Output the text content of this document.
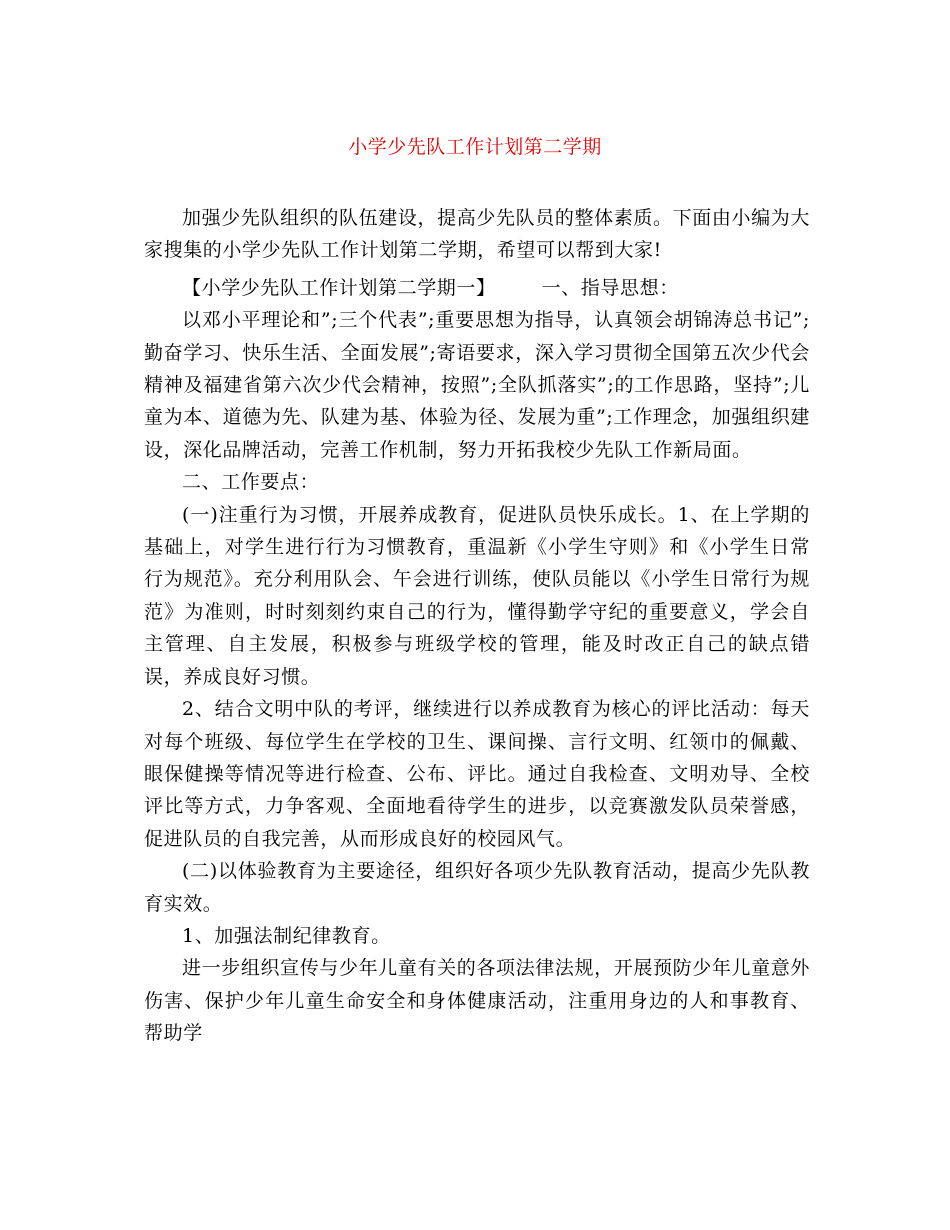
小学少先队工作计划第二学期

加强少先队组织的队伍建设，提高少先队员的整体素质。下面由小编为大家搜集的小学少先队工作计划第二学期，希望可以帮到大家!

【小学少先队工作计划第二学期一】 一、指导思想：

以邓小平理论和”;三个代表”;重要思想为指导，认真领会胡锦涛总书记”;勤奋学习、快乐生活、全面发展”;寄语要求，深入学习贯彻全国第五次少代会精神及福建省第六次少代会精神，按照”;全队抓落实”;的工作思路，坚持”;儿童为本、道德为先、队建为基、体验为径、发展为重”;工作理念，加强组织建设，深化品牌活动，完善工作机制，努力开拓我校少先队工作新局面。

二、工作要点：

(一)注重行为习惯，开展养成教育，促进队员快乐成长。1、在上学期的基础上，对学生进行行为习惯教育，重温新《小学生守则》和《小学生日常行为规范》。充分利用队会、午会进行训练，使队员能以《小学生日常行为规范》为准则，时时刻刻约束自己的行为，懂得勤学守纪的重要意义，学会自主管理、自主发展，积极参与班级学校的管理，能及时改正自己的缺点错误，养成良好习惯。

2、结合文明中队的考评，继续进行以养成教育为核心的评比活动：每天对每个班级、每位学生在学校的卫生、课间操、言行文明、红领巾的佩戴、眼保健操等情况等进行检查、公布、评比。通过自我检查、文明劝导、全校评比等方式，力争客观、全面地看待学生的进步，以竞赛激发队员荣誉感，促进队员的自我完善，从而形成良好的校园风气。

(二)以体验教育为主要途径，组织好各项少先队教育活动，提高少先队教育实效。

1、加强法制纪律教育。

进一步组织宣传与少年儿童有关的各项法律法规，开展预防少年儿童意外伤害、保护少年儿童生命安全和身体健康活动，注重用身边的人和事教育、帮助学
